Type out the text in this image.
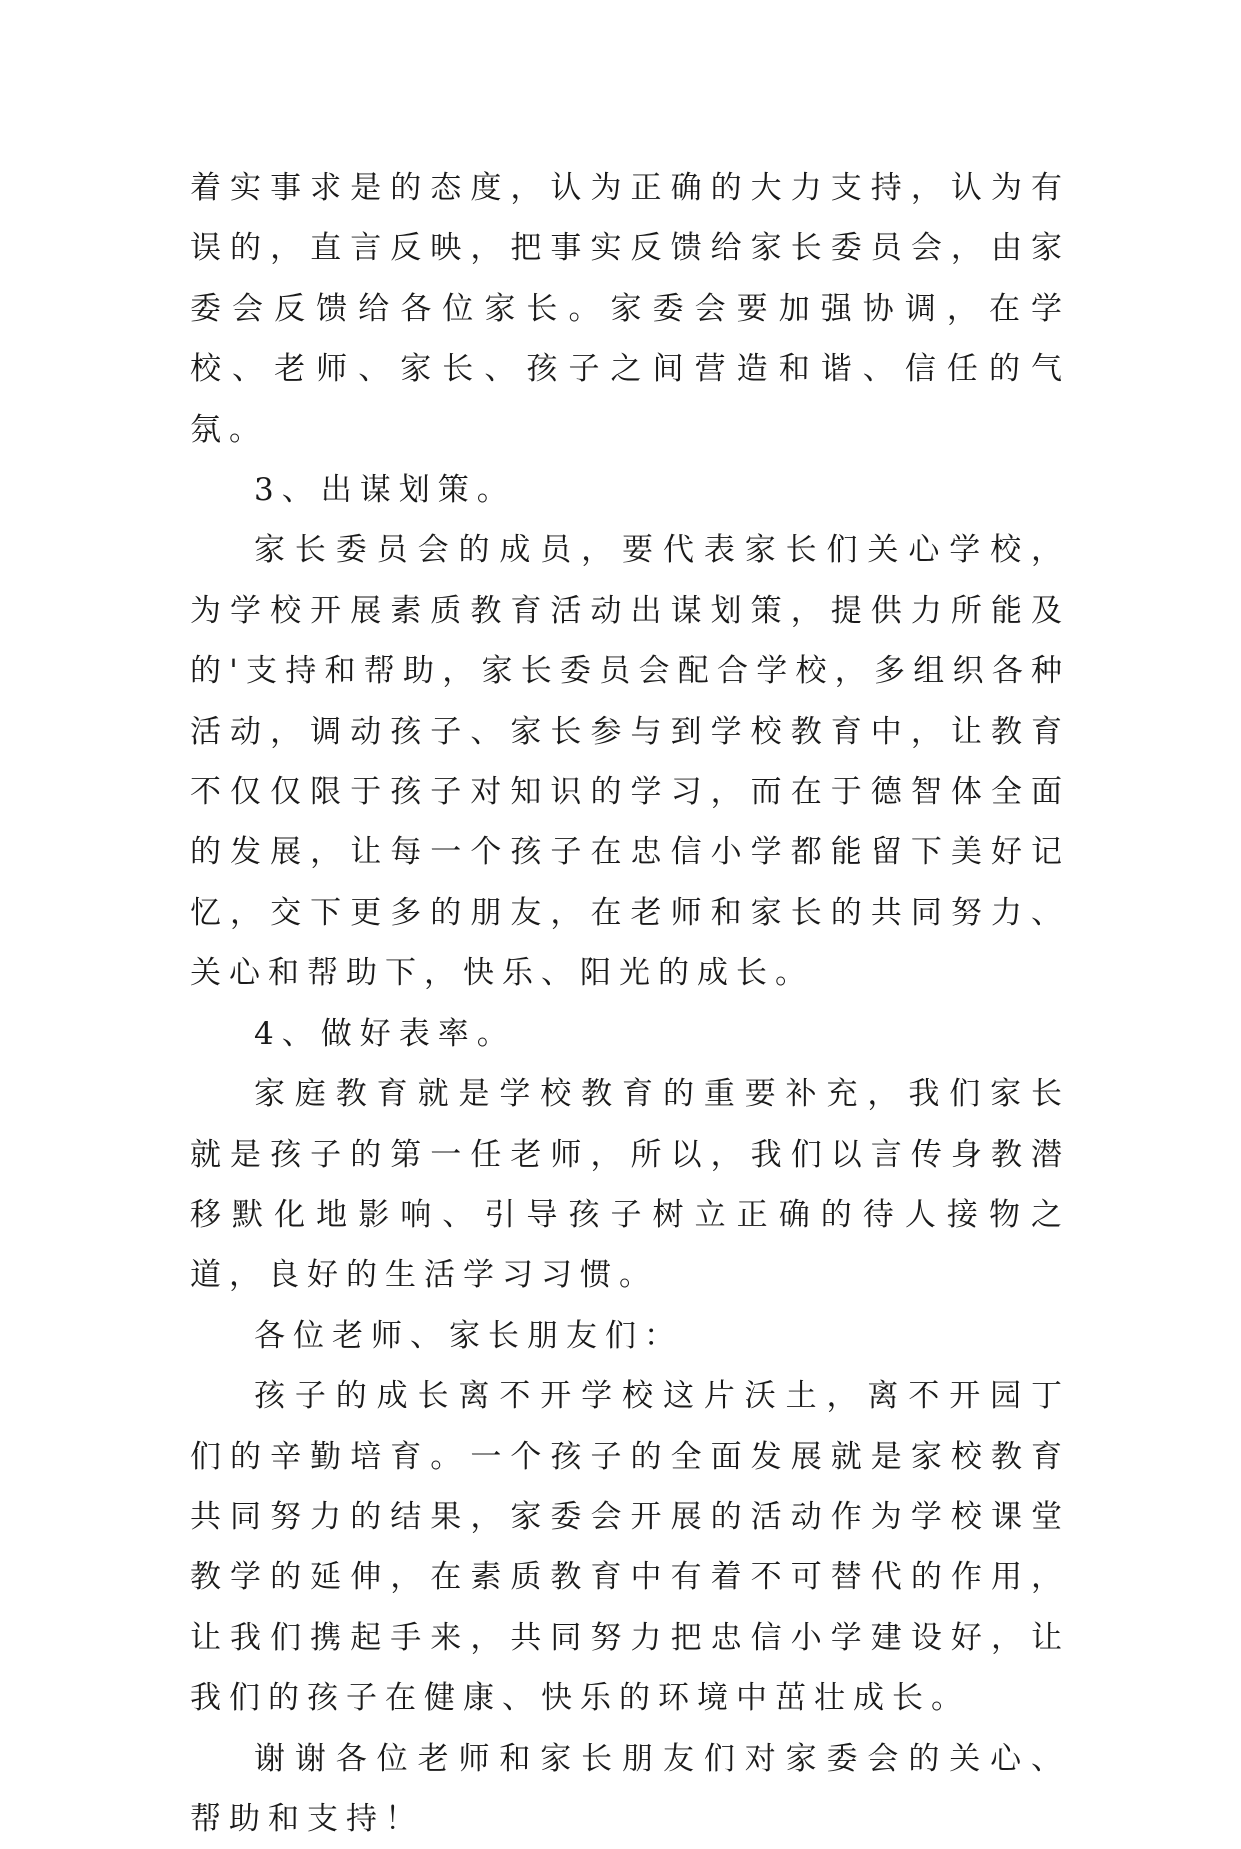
着实事求是的态度，认为正确的大力支持，认为有误的，直言反映，把事实反馈给家长委员会，由家委会反馈给各位家长。家委会要加强协调，在学校、老师、家长、孩子之间营造和谐、信任的气氛。

3、出谋划策。

家长委员会的成员，要代表家长们关心学校，为学校开展素质教育活动出谋划策，提供力所能及的'支持和帮助，家长委员会配合学校，多组织各种活动，调动孩子、家长参与到学校教育中，让教育不仅仅限于孩子对知识的学习，而在于德智体全面的发展，让每一个孩子在忠信小学都能留下美好记忆，交下更多的朋友，在老师和家长的共同努力、关心和帮助下，快乐、阳光的成长。

4、做好表率。

家庭教育就是学校教育的重要补充，我们家长就是孩子的第一任老师，所以，我们以言传身教潜移默化地影响、引导孩子树立正确的待人接物之道，良好的生活学习习惯。

各位老师、家长朋友们：

孩子的成长离不开学校这片沃土，离不开园丁们的辛勤培育。一个孩子的全面发展就是家校教育共同努力的结果，家委会开展的活动作为学校课堂教学的延伸，在素质教育中有着不可替代的作用，让我们携起手来，共同努力把忠信小学建设好，让我们的孩子在健康、快乐的环境中茁壮成长。

谢谢各位老师和家长朋友们对家委会的关心、帮助和支持！
